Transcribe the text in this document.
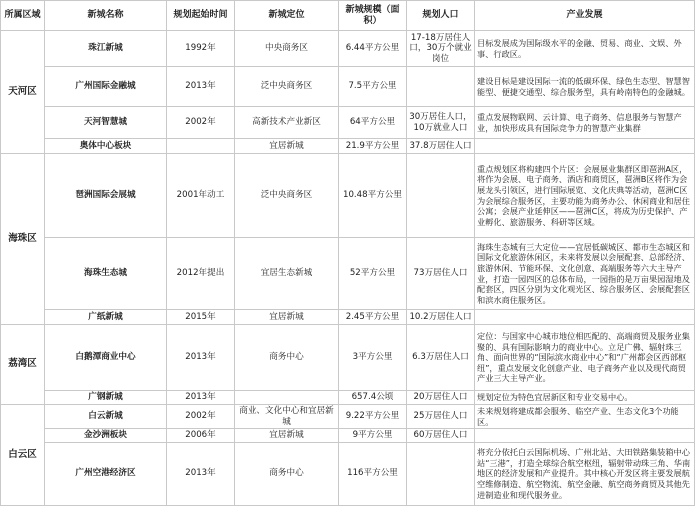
所属区域	新城名称	规划起始时间	新城定位	新城规模（面积）	规划人口	产业发展
天河区	珠江新城	1992年	中央商务区	6.44平方公里	17-18万居住人口，30万个就业岗位	目标发展成为国际级水平的金融、贸易、商业、文娱、外事、行政区。
	广州国际金融城	2013年	泛中央商务区	7.5平方公里		建设目标是建设国际一流的低碳环保、绿色生态型、智慧智能型、便捷交通型、综合服务型，具有岭南特色的金融城。
	天河智慧城	2002年	高新技术产业新区	64平方公里	30万居住人口，10万就业人口	重点发展物联网、云计算、电子商务、信息服务与智慧产业，加快形成具有国际竞争力的智慧产业集群
	奥体中心板块		宜居新城	21.9平方公里	37.8万居住人口	
海珠区	琶洲国际会展城	2001年动工	泛中央商务区	10.48平方公里		重点规划区将构建四个片区：会展展业集群区即琶洲A区，将作为会展、电子商务、酒店和商贸区，琶洲B区将作为会展龙头引领区，进行国际展览、文化庆典等活动，琶洲C区为会展综合服务区，主要功能为商务办公、休闲商业和居住公寓；会展产业延伸区——琶洲C区，将成为历史保护、产业孵化、旅游服务、科研等区域。
	海珠生态城	2012年提出	宜居生态新城	52平方公里	73万居住人口	海珠生态城有三大定位——宜居低碳城区、都市生态城区和国际文化旅游休闲区，未来将发展以会展配套、总部经济、旅游休闲、节能环保、文化创意、高端服务等六大主导产业，打造一园四区的总体布局，一园指的是万亩果园湿地及配套区，四区分别为文化观光区、综合服务区、会展配套区和滨水商住服务区。
	广纸新城	2015年	宜居新城	2.45平方公里	10.2万居住人口	
荔湾区	白鹅潭商业中心	2013年	商务中心	3平方公里	6.3万居住人口	定位：与国家中心城市地位相匹配的、高端商贸及服务业集聚的、具有国际影响力的商业中心。立足广佛、辐射珠三角、面向世界的“国际滨水商业中心”和“广州都会区西部枢纽”，重点发展文化创意产业、电子商务产业以及现代商贸产业三大主导产业。
	广钢新城	2013年		657.4公顷	20万居住人口	规划定位为特色宜居新区和专业交易中心。
白云区	白云新城	2002年	商业、文化中心和宜居新城	9.22平方公里	25万居住人口	未来规划将建成都会服务、临空产业、生态文化3个功能区。
	金沙洲板块	2006年	宜居新城	9平方公里	60万居住人口	
	广州空港经济区	2013年	商务中心	116平方公里		将充分依托白云国际机场、广州北站、大田铁路集装箱中心站“三港”，打造全球综合航空枢纽，辐射带动珠三角、华南地区的经济发展和产业提升。其中核心开发区将主要发展航空维修制造、航空物流、航空金融、航空商务商贸及其他先进制造业和现代服务业。
